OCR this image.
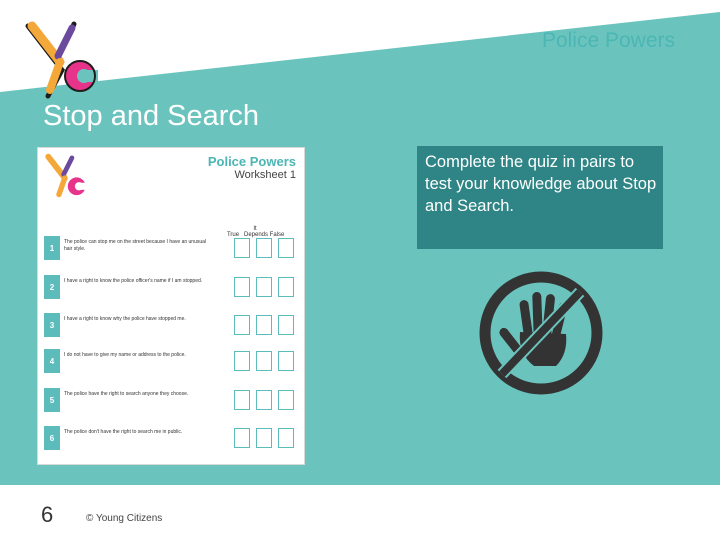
Police Powers
Stop and Search
Police Powers
Worksheet 1
True
It Depends False
1
The police can stop me on the street because I have an unusual hair style.
2
I have a right to know the police officer's name if I am stopped.
3
I have a right to know why the police have stopped me.
4
I do not have to give my name or address to the police.
5
The police have the right to search anyone they choose.
6
The police don't have the right to search me in public.
Complete the quiz in pairs to test your knowledge about Stop and Search.
6	© Young Citizens
